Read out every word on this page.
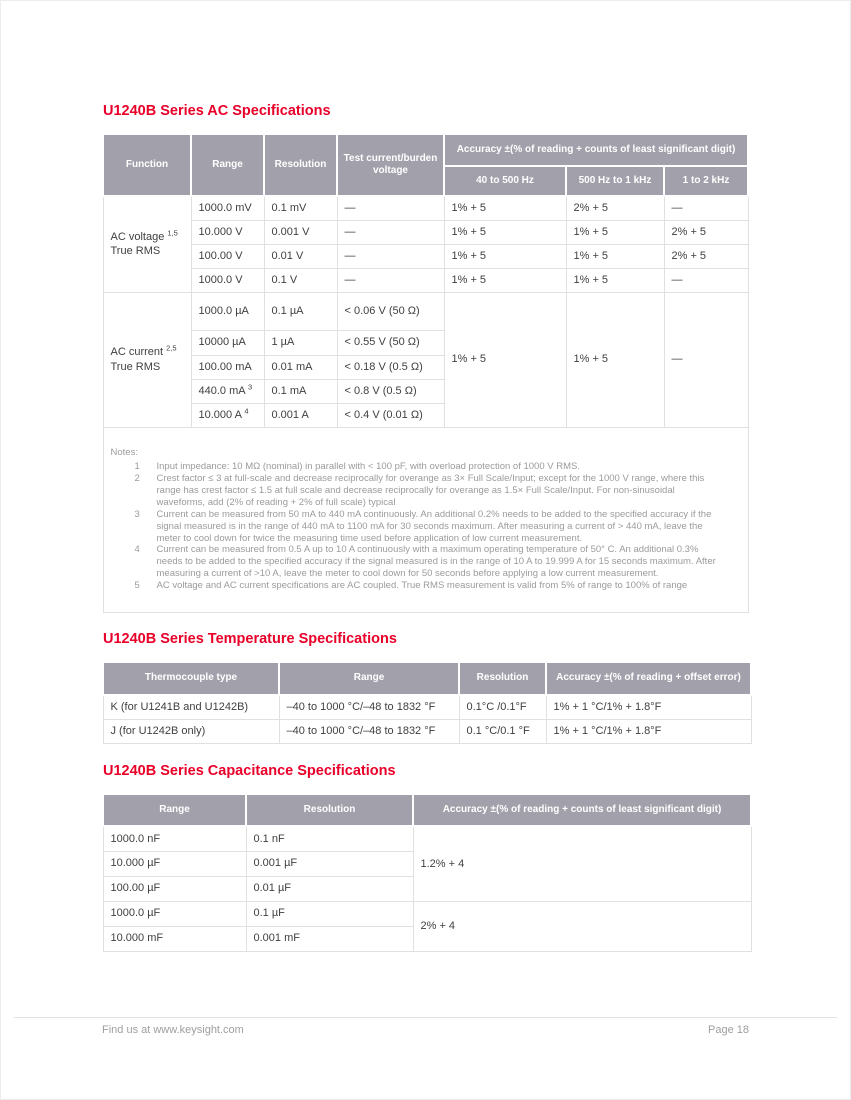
U1240B Series AC Specifications
Function	Range	Resolution	Test current/burden voltage	Accuracy ±(% of reading + counts of least significant digit)		
				40 to 500 Hz	500 Hz to 1 kHz	1 to 2 kHz
AC voltage $^{1,5}$
True RMS	1000.0 mV	0.1 mV	—	1% + 5	2% + 5	—
	10.000 V	0.001 V	—	1% + 5	1% + 5	2% + 5
	100.00 V	0.01 V	—	1% + 5	1% + 5	2% + 5
	1000.0 V	0.1 V	—	1% + 5	1% + 5	—
AC current $^{2,5}$
True RMS	1000.0 µA	0.1 µA	< 0.06 V (50 Ω)	1% + 5	1% + 5	—
	10000 µA	1 µA	< 0.55 V (50 Ω)			
	100.00 mA	0.01 mA	< 0.18 V (0.5 Ω)			
	440.0 mA $^3$	0.1 mA	< 0.8 V (0.5 Ω)			
	10.000 A $^4$	0.001 A	< 0.4 V (0.01 Ω)			

Notes:
1	Input impedance: 10 MΩ (nominal) in parallel with < 100 pF, with overload protection of 1000 V RMS.
2	Crest factor ≤ 3 at full-scale and decrease reciprocally for overange as 3× Full Scale/Input; except for the 1000 V range, where this range has crest factor ≤ 1.5 at full scale and decrease reciprocally for overange as 1.5× Full Scale/Input. For non-sinusoidal waveforms, add (2% of reading + 2% of full scale) typical
3	Current can be measured from 50 mA to 440 mA continuously. An additional 0.2% needs to be added to the specified accuracy if the signal measured is in the range of 440 mA to 1100 mA for 30 seconds maximum. After measuring a current of > 440 mA, leave the meter to cool down for twice the measuring time used before application of low current measurement.
4	Current can be measured from 0.5 A up to 10 A continuously with a maximum operating temperature of 50° C. An additional 0.3% needs to be added to the specified accuracy if the signal measured is in the range of 10 A to 19.999 A for 15 seconds maximum. After measuring a current of >10 A, leave the meter to cool down for 50 seconds before applying a low current measurement.
5	AC voltage and AC current specifications are AC coupled. True RMS measurement is valid from 5% of range to 100% of range
U1240B Series Temperature Specifications
Thermocouple type	Range	Resolution	Accuracy ±(% of reading + offset error)
K (for U1241B and U1242B)	–40 to 1000 °C/–48 to 1832 °F	0.1°C /0.1°F	1% + 1 °C/1% + 1.8°F
J (for U1242B only)	–40 to 1000 °C/–48 to 1832 °F	0.1 °C/0.1 °F	1% + 1 °C/1% + 1.8°F
U1240B Series Capacitance Specifications
Range	Resolution	Accuracy ±(% of reading + counts of least significant digit)
1000.0 nF	0.1 nF	1.2% + 4
10.000 µF	0.001 µF	
100.00 µF	0.01 µF	
1000.0 µF	0.1 µF	2% + 4
10.000 mF	0.001 mF	
Find us at www.keysight.com	Page 18
